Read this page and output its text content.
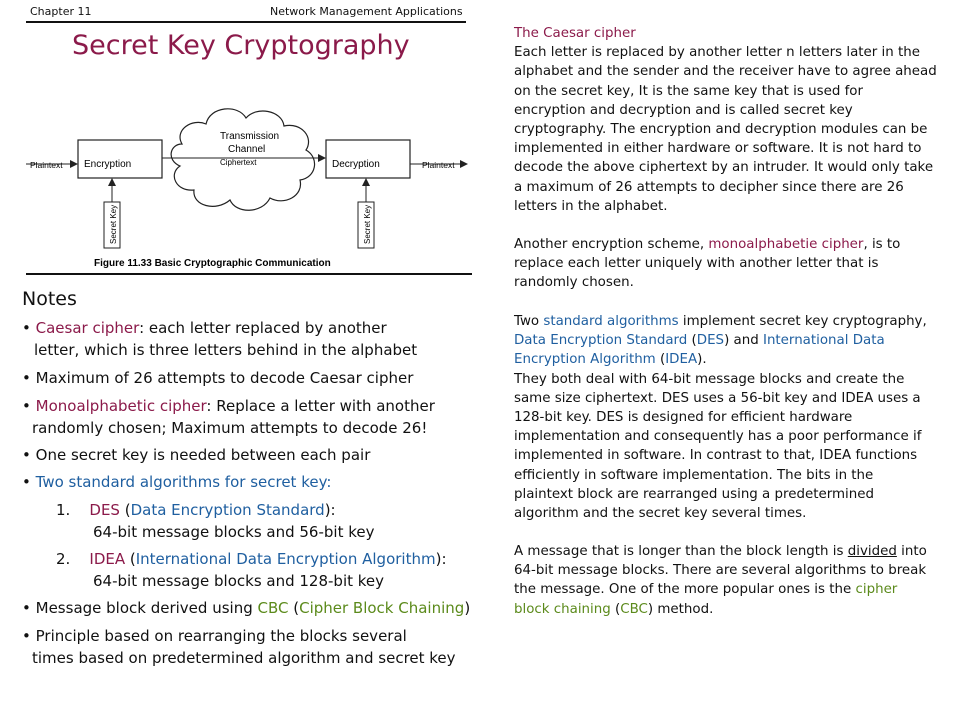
Chapter 11	Network Management Applications
Secret Key Cryptography
Transmission
Channel
Ciphertext
Plaintext Encryption	Decryption	Plaintext
Secret Key	Secret Key
Figure 11.33 Basic Cryptographic Communication
Notes
• Caesar cipher: each letter replaced by another
letter, which is three letters behind in the alphabet
• Maximum of 26 attempts to decode Caesar cipher
• Monoalphabetic cipher: Replace a letter with another
randomly chosen; Maximum attempts to decode 26!
• One secret key is needed between each pair
• Two standard algorithms for secret key:
1. DES (Data Encryption Standard):
64-bit message blocks and 56-bit key
2. IDEA (International Data Encryption Algorithm):
64-bit message blocks and 128-bit key
• Message block derived using CBC (Cipher Block Chaining)
• Principle based on rearranging the blocks several
times based on predetermined algorithm and secret key
The Caesar cipher
Each letter is replaced by another letter n letters later in the
alphabet and the sender and the receiver have to agree ahead
on the secret key, It is the same key that is used for
encryption and decryption and is called secret key
cryptography. The encryption and decryption modules can be
implemented in either hardware or software. It is not hard to
decode the above ciphertext by an intruder. It would only take
a maximum of 26 attempts to decipher since there are 26
letters in the alphabet.
Another encryption scheme, monoalphabetie cipher, is to
replace each letter uniquely with another letter that is
randomly chosen.
Two standard algorithms implement secret key cryptography,
Data Encryption Standard (DES) and International Data
Encryption Algorithm (IDEA).
They both deal with 64-bit message blocks and create the
same size ciphertext. DES uses a 56-bit key and IDEA uses a
128-bit key. DES is designed for efficient hardware
implementation and consequently has a poor performance if
implemented in software. In contrast to that, IDEA functions
efficiently in software implementation. The bits in the
plaintext block are rearranged using a predetermined
algorithm and the secret key several times.
A message that is longer than the block length is divided into
64-bit message blocks. There are several algorithms to break
the message. One of the more popular ones is the cipher
block chaining (CBC) method.
